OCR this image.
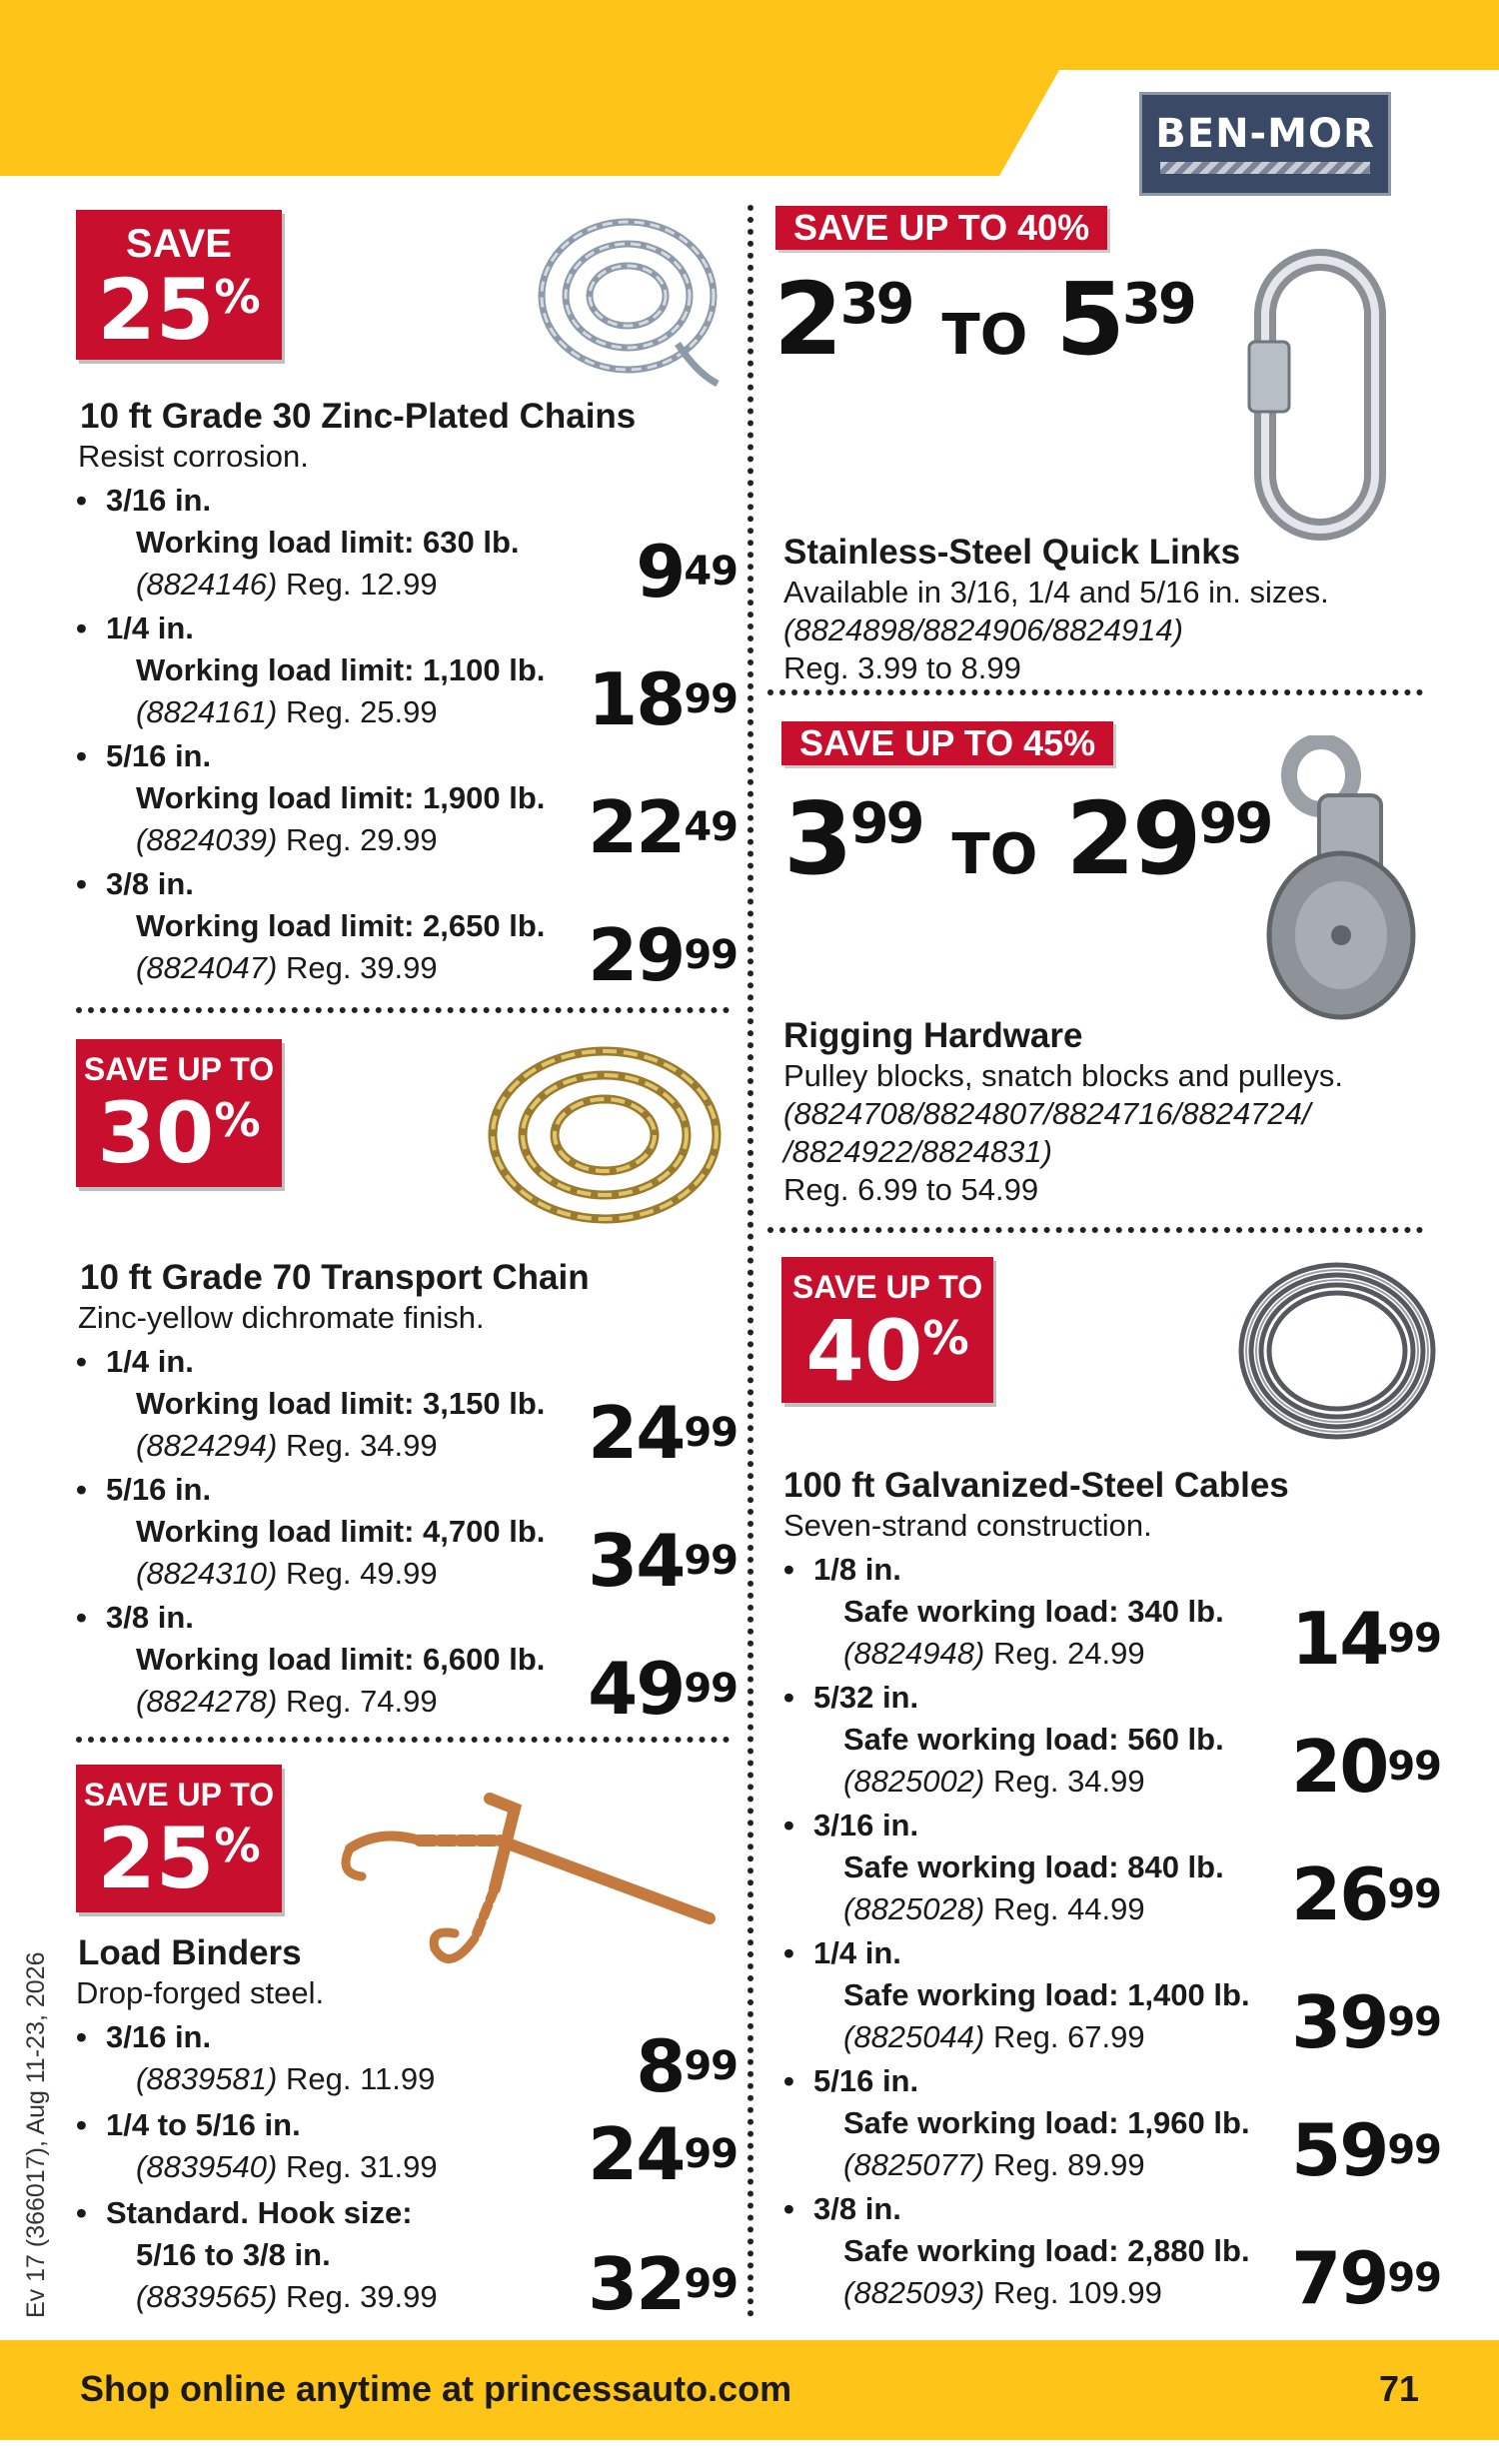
BEN-MOR
SAVE
25%
10 ft Grade 30 Zinc-Plated Chains
Resist corrosion.
• 3/16 in.
Working load limit: 630 lb.
(8824146) Reg. 12.99	$9^{49}$
• 1/4 in.
Working load limit: 1,100 lb.
(8824161) Reg. 25.99	$18^{99}$
• 5/16 in.
Working load limit: 1,900 lb.
(8824039) Reg. 29.99	$22^{49}$
• 3/8 in.
Working load limit: 2,650 lb.
(8824047) Reg. 39.99	$29^{99}$
SAVE UP TO
30%
10 ft Grade 70 Transport Chain
Zinc-yellow dichromate finish.
• 1/4 in.
Working load limit: 3,150 lb.
(8824294) Reg. 34.99	$24^{99}$
• 5/16 in.
Working load limit: 4,700 lb.
(8824310) Reg. 49.99	$34^{99}$
• 3/8 in.
Working load limit: 6,600 lb.
(8824278) Reg. 74.99	$49^{99}$
SAVE UP TO
25%
Load Binders
Drop-forged steel.
• 3/16 in.
(8839581) Reg. 11.99	$8^{99}$
• 1/4 to 5/16 in.
(8839540) Reg. 31.99 $24^{99}$
• Standard. Hook size:
5/16 to 3/8 in.
(8839565) Reg. 39.99 $32^{99}$
SAVE UP TO 40%
239 TO 539
Stainless-Steel Quick Links
Available in 3/16, 1/4 and 5/16 in. sizes.
(8824898/8824906/8824914)
Reg. 3.99 to 8.99
SAVE UP TO 45%
399 TO 2999
Rigging Hardware
Pulley blocks, snatch blocks and pulleys.
(8824708/8824807/8824716/8824724/
/8824922/8824831)
Reg. 6.99 to 54.99
SAVE UP TO
40%
100 ft Galvanized-Steel Cables
Seven-strand construction.
• 1/8 in.
Safe working load: 340 lb.
(8824948) Reg. 24.99	$14^{99}$
• 5/32 in.
Safe working load: 560 lb.
(8825002) Reg. 34.99	$20^{99}$
• 3/16 in.
Safe working load: 840 lb.
(8825028) Reg. 44.99	$26^{99}$
• 1/4 in.
Safe working load: 1,400 lb.
(8825044) Reg. 67.99	$39^{99}$
• 5/16 in.
Safe working load: 1,960 lb.
(8825077) Reg. 89.99	$59^{99}$
• 3/8 in.
Safe working load: 2,880 lb.
(8825093) Reg. 109.99	$79^{99}$
Ev 17 (366017), Aug 11-23, 2026
Shop online anytime at princessauto.com	71
